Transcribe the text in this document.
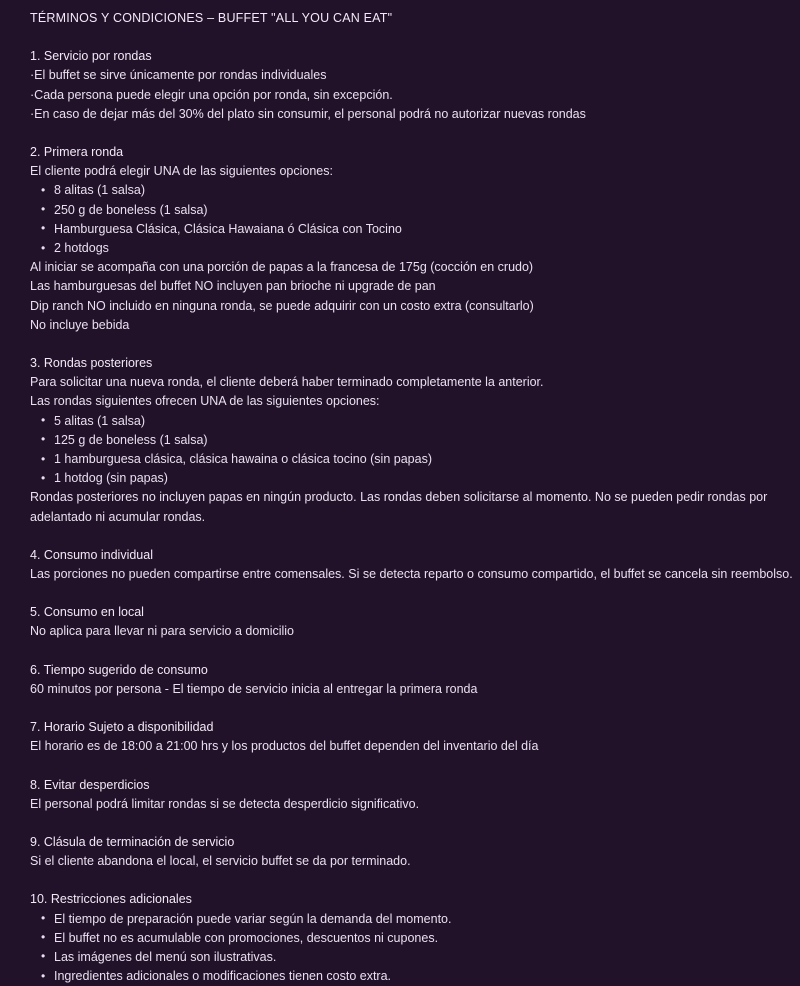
TÉRMINOS Y CONDICIONES – BUFFET "ALL YOU CAN EAT"
1. Servicio por rondas
·El buffet se sirve únicamente por rondas individuales
·Cada persona puede elegir una opción por ronda, sin excepción.
·En caso de dejar más del 30% del plato sin consumir, el personal podrá no autorizar nuevas rondas
2. Primera ronda
El cliente podrá elegir UNA de las siguientes opciones:
• 8 alitas (1 salsa)
• 250 g de boneless (1 salsa)
• Hamburguesa Clásica, Clásica Hawaiana ó Clásica con Tocino
• 2 hotdogs
Al iniciar se acompaña con una porción de papas a la francesa de 175g (cocción en crudo)
Las hamburguesas del buffet NO incluyen pan brioche ni upgrade de pan
Dip ranch NO incluido en ninguna ronda, se puede adquirir con un costo extra (consultarlo)
No incluye bebida
3. Rondas posteriores
Para solicitar una nueva ronda, el cliente deberá haber terminado completamente la anterior.
Las rondas siguientes ofrecen UNA de las siguientes opciones:
• 5 alitas (1 salsa)
• 125 g de boneless (1 salsa)
• 1 hamburguesa clásica, clásica hawaina o clásica tocino (sin papas)
• 1 hotdog (sin papas)
Rondas posteriores no incluyen papas en ningún producto. Las rondas deben solicitarse al momento. No se pueden pedir rondas por adelantado ni acumular rondas.
4. Consumo individual
Las porciones no pueden compartirse entre comensales. Si se detecta reparto o consumo compartido, el buffet se cancela sin reembolso.
5. Consumo en local
No aplica para llevar ni para servicio a domicilio
6. Tiempo sugerido de consumo
60 minutos por persona - El tiempo de servicio inicia al entregar la primera ronda
7. Horario Sujeto a disponibilidad
El horario es de 18:00 a 21:00 hrs y los productos del buffet dependen del inventario del día
8. Evitar desperdicios
El personal podrá limitar rondas si se detecta desperdicio significativo.
9. Clásula de terminación de servicio
Si el cliente abandona el local, el servicio buffet se da por terminado.
10. Restricciones adicionales
• El tiempo de preparación puede variar según la demanda del momento.
• El buffet no es acumulable con promociones, descuentos ni cupones.
• Las imágenes del menú son ilustrativas.
• Ingredientes adicionales o modificaciones tienen costo extra.
